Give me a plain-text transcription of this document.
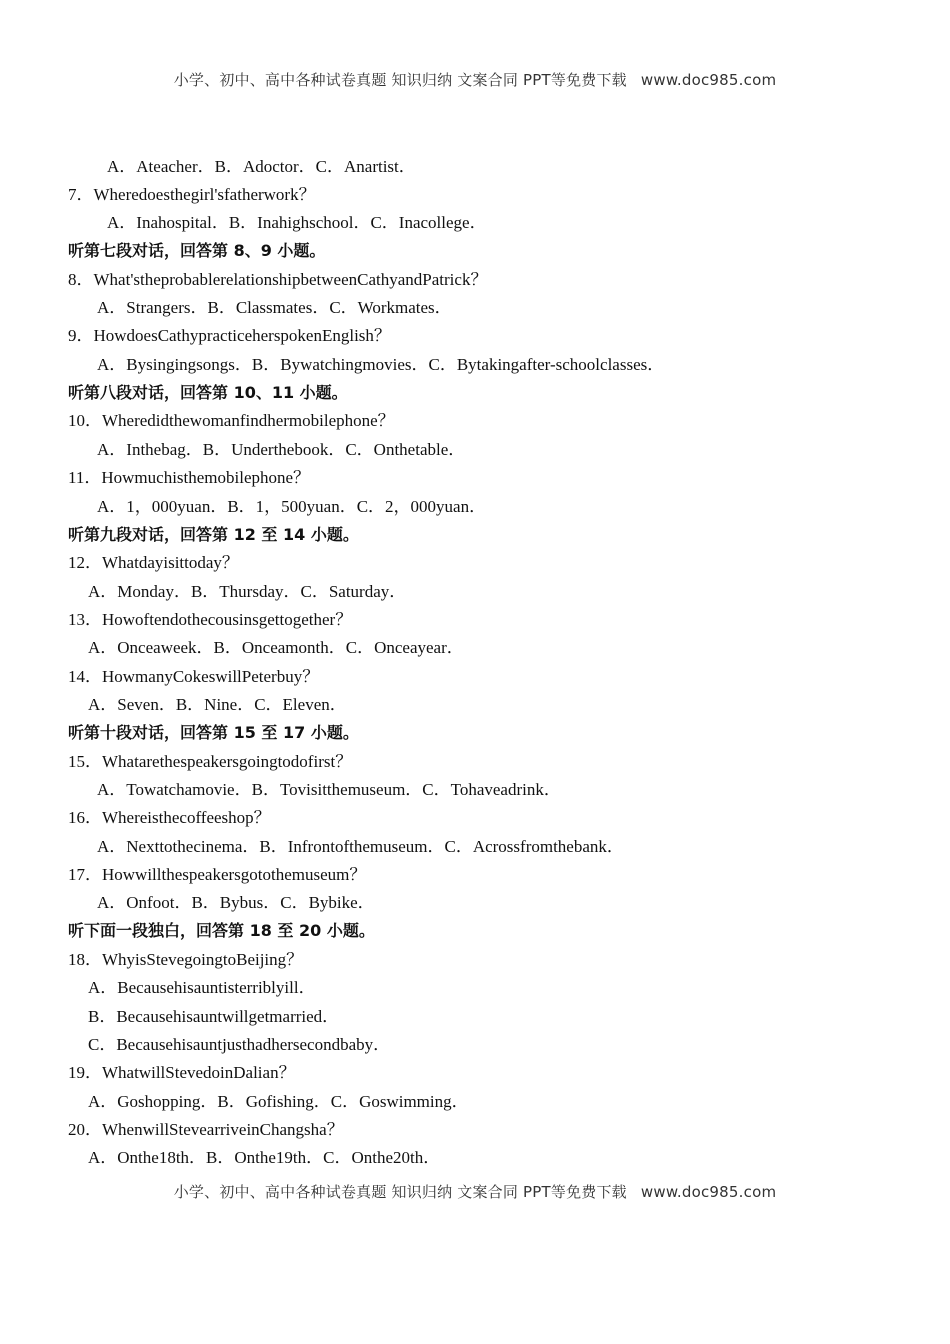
小学、初中、高中各种试卷真题 知识归纳 文案合同 PPT等免费下载 www.doc985.com
A．Ateacher．B．Adoctor．C．Anartist．
7．Wheredoesthegirl'sfatherwork？
A．Inahospital．B．Inahighschool．C．Inacollege．
听第七段对话，回答第 8、9 小题。
8．What'stheprobablerelationshipbetweenCathyandPatrick？
A．Strangers．B．Classmates．C．Workmates．
9．HowdoesCathypracticeherspokenEnglish？
A．Bysingingsongs．B．Bywatchingmovies．C．Bytakingafter-schoolclasses．
听第八段对话，回答第 10、11 小题。
10．Wheredidthewomanfindhermobilephone？
A．Inthebag．B．Underthebook．C．Onthetable．
11．Howmuchisthemobilephone？
A．1，000yuan．B．1，500yuan．C．2，000yuan．
听第九段对话，回答第 12 至 14 小题。
12．Whatdayisittoday？
A．Monday．B．Thursday．C．Saturday．
13．Howoftendothecousinsgettogether？
A．Onceaweek．B．Onceamonth．C．Onceayear．
14．HowmanyCokeswillPeterbuy？
A．Seven．B．Nine．C．Eleven．
听第十段对话，回答第 15 至 17 小题。
15．Whatarethespeakersgoingtodofirst？
A．Towatchamovie．B．Tovisitthemuseum．C．Tohaveadrink．
16．Whereisthecoffeeshop？
A．Nexttothecinema．B．Infrontofthemuseum．C．Acrossfromthebank．
17．Howwillthespeakersgotothemuseum？
A．Onfoot．B．Bybus．C．Bybike．
听下面一段独白，回答第 18 至 20 小题。
18．WhyisStevegoingtoBeijing？
A．Becausehisauntisterriblyill．
B．Becausehisauntwillgetmarried．
C．Becausehisauntjusthadhersecondbaby．
19．WhatwillStevedoinDalian？
A．Goshopping．B．Gofishing．C．Goswimming．
20．WhenwillStevearriveinChangsha？
A．Onthe18th．B．Onthe19th．C．Onthe20th．
小学、初中、高中各种试卷真题 知识归纳 文案合同 PPT等免费下载 www.doc985.com
